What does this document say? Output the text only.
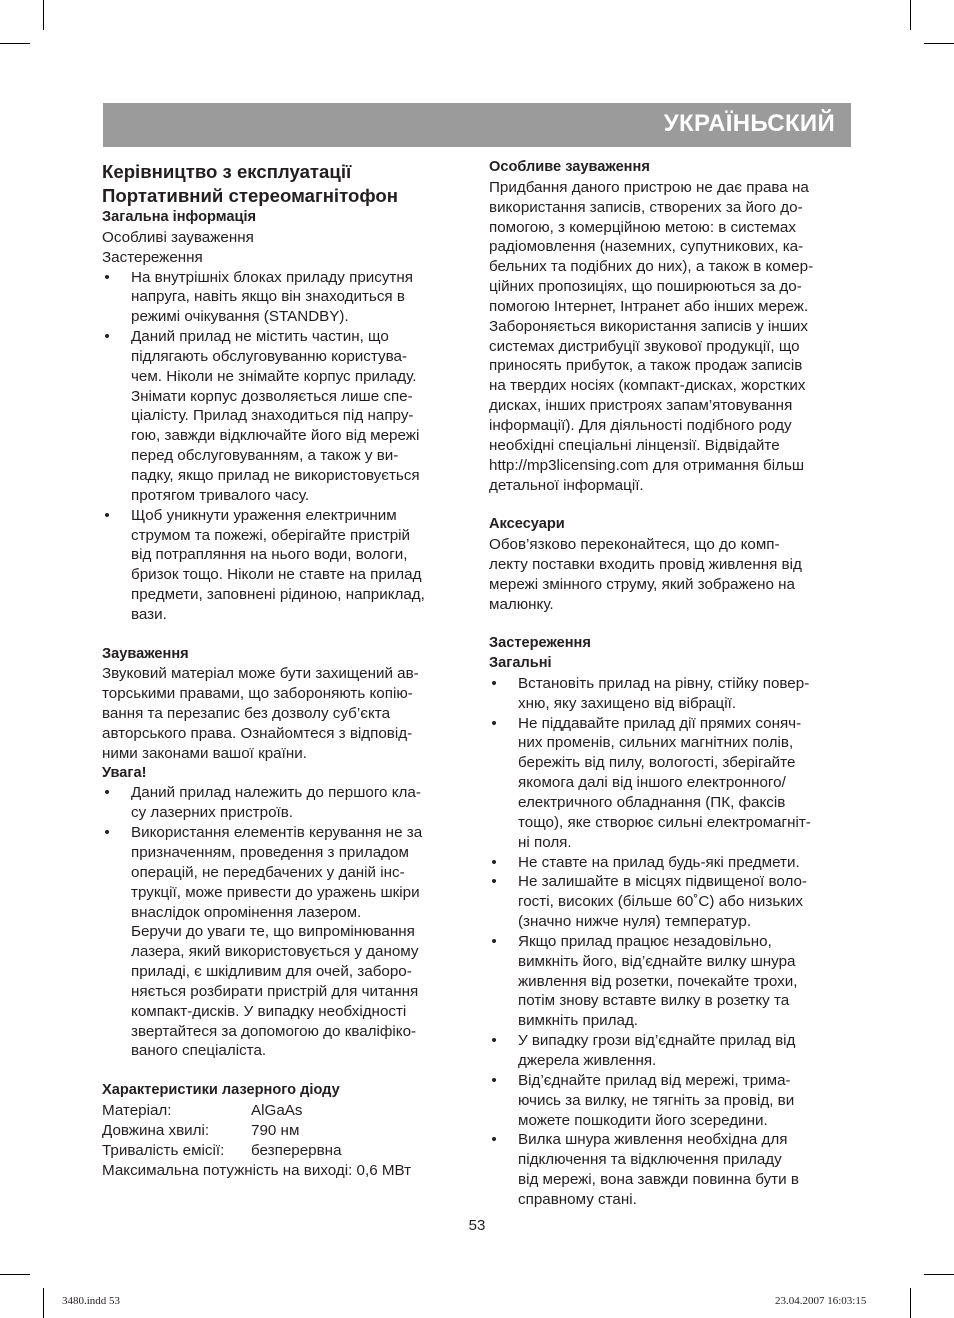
УКРАЇНЬСКИЙ
Керівництво з експлуатації
Портативний стереомагнітофон
Загальна інформація
Особливі зауваження
Застереження
• На внутрішніх блоках приладу присутня
напруга, навіть якщо він знаходиться в
режимі очікування (STANDBY).
• Даний прилад не містить частин, що
підлягають обслуговуванню користува-
чем. Ніколи не знімайте корпус приладу.
Знімати корпус дозволяється лише спе-
ціалісту. Прилад знаходиться під напру-
гою, завжди відключайте його від мережі
перед обслуговуванням, а також у ви-
падку, якщо прилад не використовується
протягом тривалого часу.
• Щоб уникнути ураження електричним
струмом та пожежі, оберігайте пристрій
від потрапляння на нього води, вологи,
бризок тощо. Ніколи не ставте на прилад
предмети, заповнені рідиною, наприклад,
вази.
Зауваження
Звуковий матеріал може бути захищений ав-
торськими правами, що забороняють копію-
вання та перезапис без дозволу суб’єкта
авторського права. Ознайомтеся з відповід-
ними законами вашої країни.
Увага!
• Даний прилад належить до першого кла-
су лазерних пристроїв.
• Використання елементів керування не за
призначенням, проведення з приладом
операцій, не передбачених у даній інс-
трукції, може привести до уражень шкіри
внаслідок опромінення лазером.
Беручи до уваги те, що випромінювання
лазера, який використовується у даному
приладі, є шкідливим для очей, заборо-
няється розбирати пристрій для читання
компакт-дисків. У випадку необхідності
звертайтеся за допомогою до кваліфіко-
ваного спеціаліста.
Характеристики лазерного діоду
Матеріал:	AlGaAs
Довжина хвилі:	790 нм
Тривалість емісії:	безперервна
Максимальна потужність на виході: 0,6 МВт
Особливе зауваження
Придбання даного пристрою не дає права на
використання записів, створених за його до-
помогою, з комерційною метою: в системах
радіомовлення (наземних, супутникових, ка-
бельних та подібних до них), а також в комер-
ційних пропозиціях, що поширюються за до-
помогою Інтернет, Інтранет або інших мереж.
Забороняється використання записів у інших
системах дистрибуції звукової продукції, що
приносять прибуток, а також продаж записів
на твердих носіях (компакт-дисках, жорстких
дисках, інших пристроях запам’ятовування
інформації). Для діяльності подібного роду
необхідні спеціальні лінцензії. Відвідайте
http://mp3licensing.com для отримання більш
детальної інформації.
Аксесуари
Обов’язково переконайтеся, що до комп-
лекту поставки входить провід живлення від
мережі змінного струму, який зображено на
малюнку.
Застереження
Загальні
• Встановіть прилад на рівну, стійку повер-
хню, яку захищено від вібрації.
• Не піддавайте прилад дії прямих соняч-
них променів, сильних магнітних полів,
бережіть від пилу, вологості, зберігайте
якомога далі від іншого електронного/
електричного обладнання (ПК, факсів
тощо), яке створює сильні електромагніт-
ні поля.
• Не ставте на прилад будь-які предмети.
• Не залишайте в місцях підвищеної воло-
гості, високих (більше 60˚С) або низьких
(значно нижче нуля) температур.
• Якщо прилад працює незадовільно,
вимкніть його, від’єднайте вилку шнура
живлення від розетки, почекайте трохи,
потім знову вставте вилку в розетку та
вимкніть прилад.
• У випадку грози від’єднайте прилад від
джерела живлення.
• Від’єднайте прилад від мережі, трима-
ючись за вилку, не тягніть за провід, ви
можете пошкодити його зсередини.
• Вилка шнура живлення необхідна для
підключення та відключення приладу
від мережі, вона завжди повинна бути в
справному стані.
53
3480.indd 53	23.04.2007 16:03:15
